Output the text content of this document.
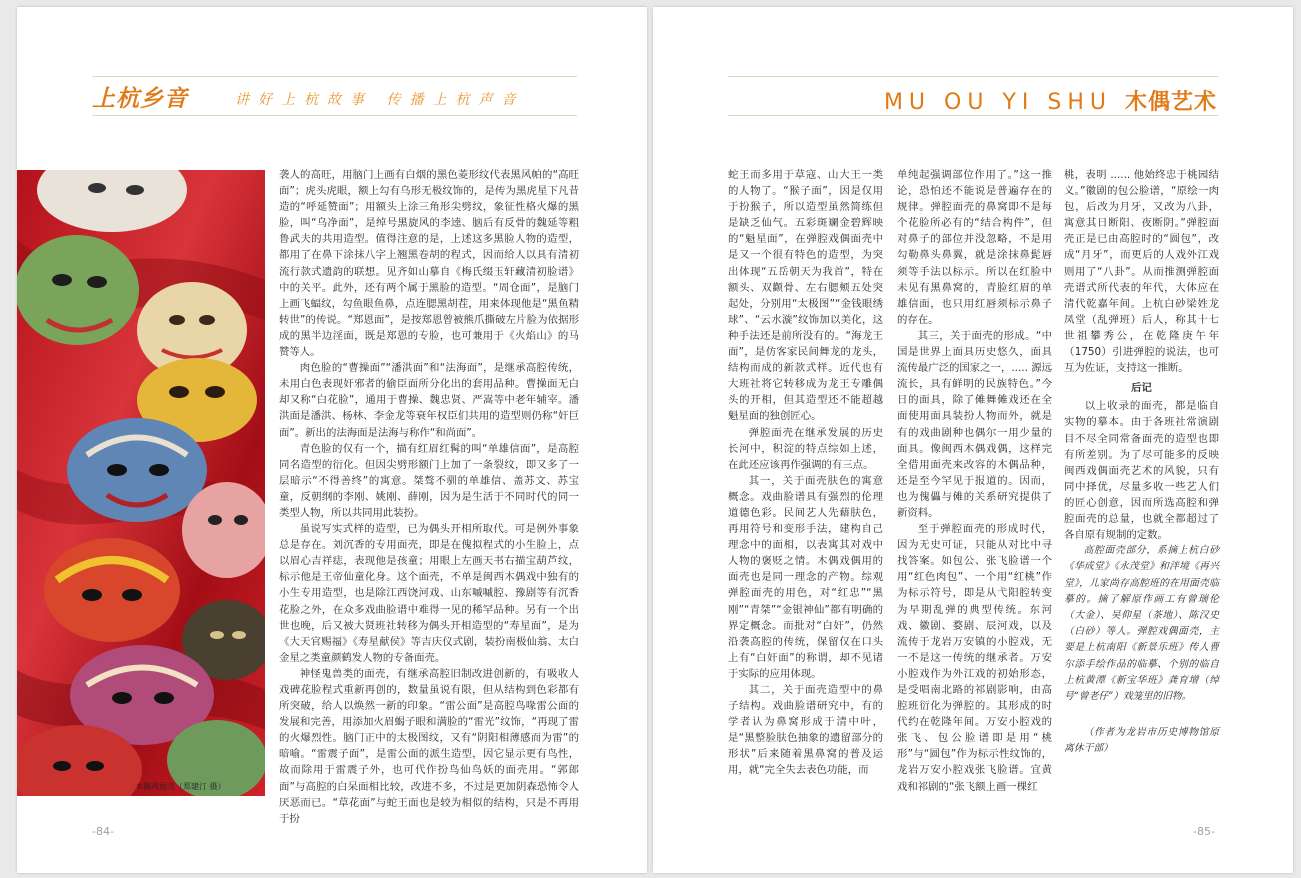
上杭乡音	讲好上杭故事 传播上杭声音
木偶戏面壳（郑建汀 摄）

袭人的高旺，用脑门上画有白烟的黑色菱形纹代表黑风帕的“高旺面”；虎头虎眼，额上勾有乌形无极纹饰的，是传为黑虎星下凡昔造的“呼延赞面”；用额头上涂三角形尖劈纹，象征性格火爆的黑脸，叫“乌净面”，是绰号黑旋风的李逵、脑后有反骨的魏延等粗鲁武夫的共用造型。值得注意的是，上述这多黑脸人物的造型，都用了在鼻下涂抹八字上翘黑卷胡的程式，因而给人以具有清初流行款式遗韵的联想。见齐如山摹自《梅氏缀玉轩藏清初脸谱》中的关平。此外，还有两个属于黑脸的造型。“周仓面”，是脑门上画飞蝠纹，勾鱼眼鱼鼻，点连腮黑胡茬，用来体现他是“黑鱼精转世”的传说。“郑恩面”，是按郑恩曾被熊爪撕破左片脸为依据形成的黑半边淫面，既是郑恩的专脸，也可兼用于《火焰山》的马赞等人。

肉色脸的“曹操面”“潘洪面”和“法海面”，是继承高腔传统，未用白色表现奸邪者的偷臣面所分化出的套用品种。曹操面无白却又称“白花脸”，通用于曹操、魏忠贤、严嵩等中老年辅宰。潘洪面是潘洪、杨林、李金龙等衰年权臣们共用的造型则仍称“奸巨面”。新出的法海面是法海与称作“和尚面”。

青色脸的仅有一个，描有红眉红髯的叫“单雄信面”，是高腔同名造型的衍化。但因尖劈形额门上加了一条裂纹，即又多了一层暗示“不得善终”的寓意。桀骜不驯的单雄信、盖苏文、苏宝童，反朝纲的李刚、姚刚、薛刚，因为是生活于不同时代的同一类型人物，所以共同用此装扮。

虽说写实式样的造型，已为偶头开相所取代。可是例外事象总是存在。刘沉香的专用面壳，即是在傀拟程式的小生脸上，点以眉心吉祥痣，表现他是孩童；用眼上左画天书右描宝葫芦纹，标示他是王帝仙童化身。这个面壳，不单是闽西木偶戏中独有的小生专用造型，也是除江西饶河戏、山东嘁嘁腔、豫剧等有沉香花脸之外，在众多戏曲脸谱中难得一见的稀罕品种。另有一个出世也晚，后又被大贤班社转移为偶头开相造型的“寿星面”，是为《大天官赐福》《寿星献侯》等吉庆仪式剧，装扮南极仙翁、太白金星之类童颜鹤发人物的专备面壳。

神怪鬼兽类的面壳，有继承高腔旧制改进创新的，有吸收人戏碑花脸程式重新再创的，数量虽说有限，但从结构到色彩都有所突破，给人以焕然一新的印象。“雷公面”是高腔鸟喙雷公面的发展和完善，用添加火眉蝎子眼和满脸的“雷光”纹饰，“再现了雷的火爆烈性。脑门正中的太极图纹，又有“阴阳相薄感而为雷”的暗喻。“雷震子面”，是雷公面的派生造型，因它显示更有鸟性，故而除用于雷震子外，也可代作扮鸟仙鸟妖的面壳用。“郭郎面”与高腔的白呆面相比较，改进不多，不过是更加阴森恐怖令人厌恶而已。“草花面”与蛇王面也是较为相似的结构，只是不再用于扮

-84-
MU OU YI SHU 木偶艺术

蛇王而多用于草寇、山大王一类的人物了。“猴子面”，因是仅用于扮猴子，所以造型虽然简练但是缺乏仙气。五彩斑斓金碧辉映的“魁星面”，在弹腔戏偶面壳中是又一个很有特色的造型，为突出体现“五岳朝天为我首”，特在额头、双颧骨、左右腮颊五处突起处，分别用“太极图”“金钱眼绣球”、“云水漩”纹饰加以美化，这种手法还是前所没有的。“海龙王面”，是仿客家民间舞龙的龙头，结构而成的新款式样。近代也有大班社将它转移成为龙王专雕偶头的开相，但其造型还不能超越魁星面的独创匠心。

弹腔面壳在继承发展的历史长河中，积淀的特点综如上述，在此还应该再作强调的有三点。

其一，关于面壳肤色的寓意概念。戏曲脸谱具有强烈的伦理道德色彩。民间艺人先藉肤色，再用符号和变形手法，建构自己理念中的面相，以表寓其对戏中人物的褒贬之情。木偶戏偶用的面壳也是同一理念的产物。综观弹腔面壳的用色，对“红忠”“黑刚”“青桀”“金银神仙”都有明确的界定概念。而批对“白奸”，仍然沿袭高腔的传统，保留仅在口头上有“白奸面”的称谓，却不见诸于实际的应用体现。

其二，关于面壳造型中的鼻子结构。戏曲脸谱研究中，有的学者认为鼻窝形成于清中叶，是“黑整脸肤色抽象的遗留部分的形状”后来随着黑鼻窝的普及运用，就“完全失去表色功能，而

单纯起强调部位作用了。”这一推论，恐怕还不能说是普遍存在的规律。弹腔面壳的鼻窝即不是每个花脸所必有的“结合构件”，但对鼻子的部位并没忽略，不是用勾勒鼻头鼻翼，就是涂抹鼻髭唇须等手法以标示。所以在红脸中未见有黑鼻窝的，青脸红眉的单雄信面，也只用红唇须标示鼻子的存在。

其三，关于面壳的形成。“中国是世界上面具历史悠久，面具流传最广泛的国家之一，..... 源远流长，具有鲜明的民族特色。”今日的面具，除了傩舞傩戏还在全面使用面具装扮人物而外，就是有的戏曲剧种也偶尔一用少量的面具。像闽西木偶戏偶，这样完全借用面壳来改容的木偶品种，还是至今罕见于报道的。因而，也为傀儡与傩的关系研究提供了新资料。

至于弹腔面壳的形成时代，因为无史可证，只能从对比中寻找答案。如包公、张飞脸谱一个用“红色肉包”、一个用“红桃”作为标示符号，即是从弋阳腔转变为早期乱弹的典型传统。东河戏、徽剧、婺剧、辰河戏，以及流传于龙岩万安镇的小腔戏，无一不是这一传统的继承者。万安小腔戏作为外江戏的初始形态，是受唱南北路的祁剧影响，由高腔班衍化为弹腔的。其形成的时代约在乾隆年间。万安小腔戏的张飞、包公脸谱即是用“桃形”与“圆包”作为标示性纹饰的，龙岩万安小腔戏张飞脸谱。宜黄戏和祁剧的“张飞额上画一棵红

桃，表明 ...... 他始终忠于桃园结义。”徽剧的包公脸谱，“原绘一肉包，后改为月牙，又改为八卦，寓意其日断阳、夜断阴。”弹腔面壳正是已由高腔时的“圆包”，改成“月牙”，而更后的人戏外江戏则用了“八卦”。从而推测弹腔面壳谱式所代表的年代，大体应在清代乾嘉年间。上杭白砂梁姓龙凤堂（乱弹班）后人，称其十七世祖攀秀公，在乾隆庚午年（1750）引进弹腔的说法，也可互为佐证，支持这一推断。

后记

以上收录的面壳，都是临自实物的摹本。由于各班社常演剧目不尽全同常备面壳的造型也即有所差别。为了尽可能多的反映闽西戏偶面壳艺术的风貌，只有同中择优，尽量多收一些艺人们的匠心创意，因而所选高腔和弹腔面壳的总量，也就全都超过了各自原有规制的定数。

高腔面壳部分，系摘上杭白砂《华成堂》《永茂堂》和泮境《再兴堂》，儿家尚存高腔班的在用面壳临摹的。摘了解原作画工有曾瑞伦（大金）、吴仰星（茶地）、陈汉史（白砂）等人。弹腔戏偶面壳，主要是上杭南阳《新景乐班》传人曹尔添手绘作品的临摹、个别的临自上杭黄潭《新宝华班》龚育增（绰号“曾老仔”）戏笼里的旧物。

（作者为龙岩市历史博物馆原离休干部）

-85-
